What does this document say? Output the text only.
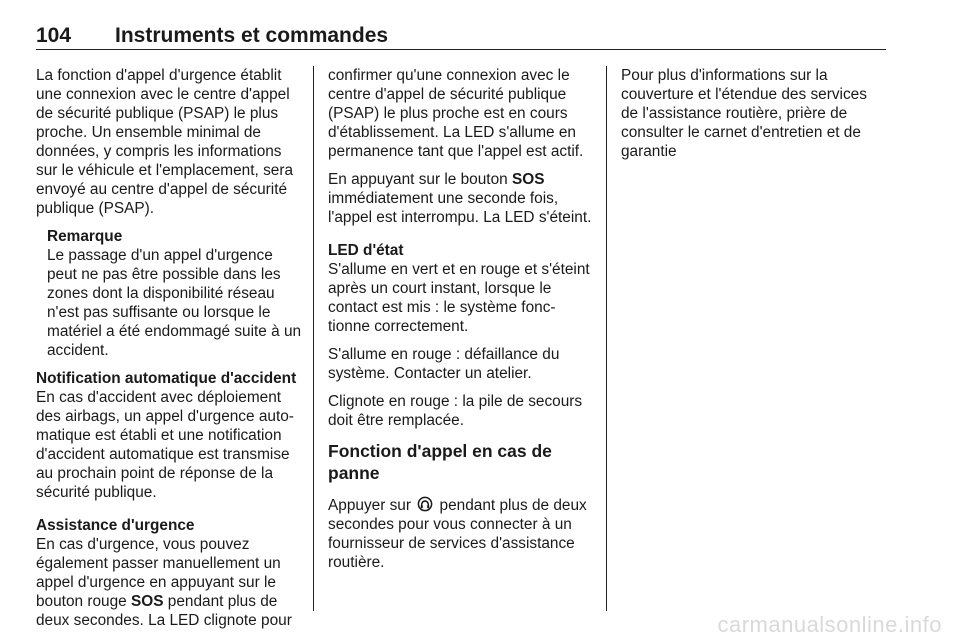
104 Instruments et commandes

La fonction d'appel d'urgence établit une connexion avec le centre d'appel de sécurité publique (PSAP) le plus proche. Un ensemble minimal de données, y compris les informations sur le véhicule et l'emplacement, sera envoyé au centre d'appel de sécurité publique (PSAP).

Remarque
Le passage d'un appel d'urgence peut ne pas être possible dans les zones dont la disponibilité réseau n'est pas suffisante ou lorsque le matériel a été endommagé suite à un accident.

Notification automatique d'accident
En cas d'accident avec déploiement des airbags, un appel d'urgence auto‐matique est établi et une notification d'accident automatique est transmise au prochain point de réponse de la sécurité publique.

Assistance d'urgence
En cas d'urgence, vous pouvez également passer manuellement un appel d'urgence en appuyant sur le bouton rouge SOS pendant plus de deux secondes. La LED clignote pour

confirmer qu'une connexion avec le centre d'appel de sécurité publique (PSAP) le plus proche est en cours d'établissement. La LED s'allume en permanence tant que l'appel est actif.

En appuyant sur le bouton SOS immédiatement une seconde fois, l'appel est interrompu. La LED s'éteint.

LED d'état
S'allume en vert et en rouge et s'éteint après un court instant, lorsque le contact est mis : le système fonc‐tionne correctement.

S'allume en rouge : défaillance du système. Contacter un atelier.

Clignote en rouge : la pile de secours doit être remplacée.

Fonction d'appel en cas de panne

Appuyer sur pendant plus de deux secondes pour vous connecter à un fournisseur de services d'assistance routière.

Pour plus d'informations sur la couverture et l'étendue des services de l'assistance routière, prière de consulter le carnet d'entretien et de garantie

carmanualsonline.info
